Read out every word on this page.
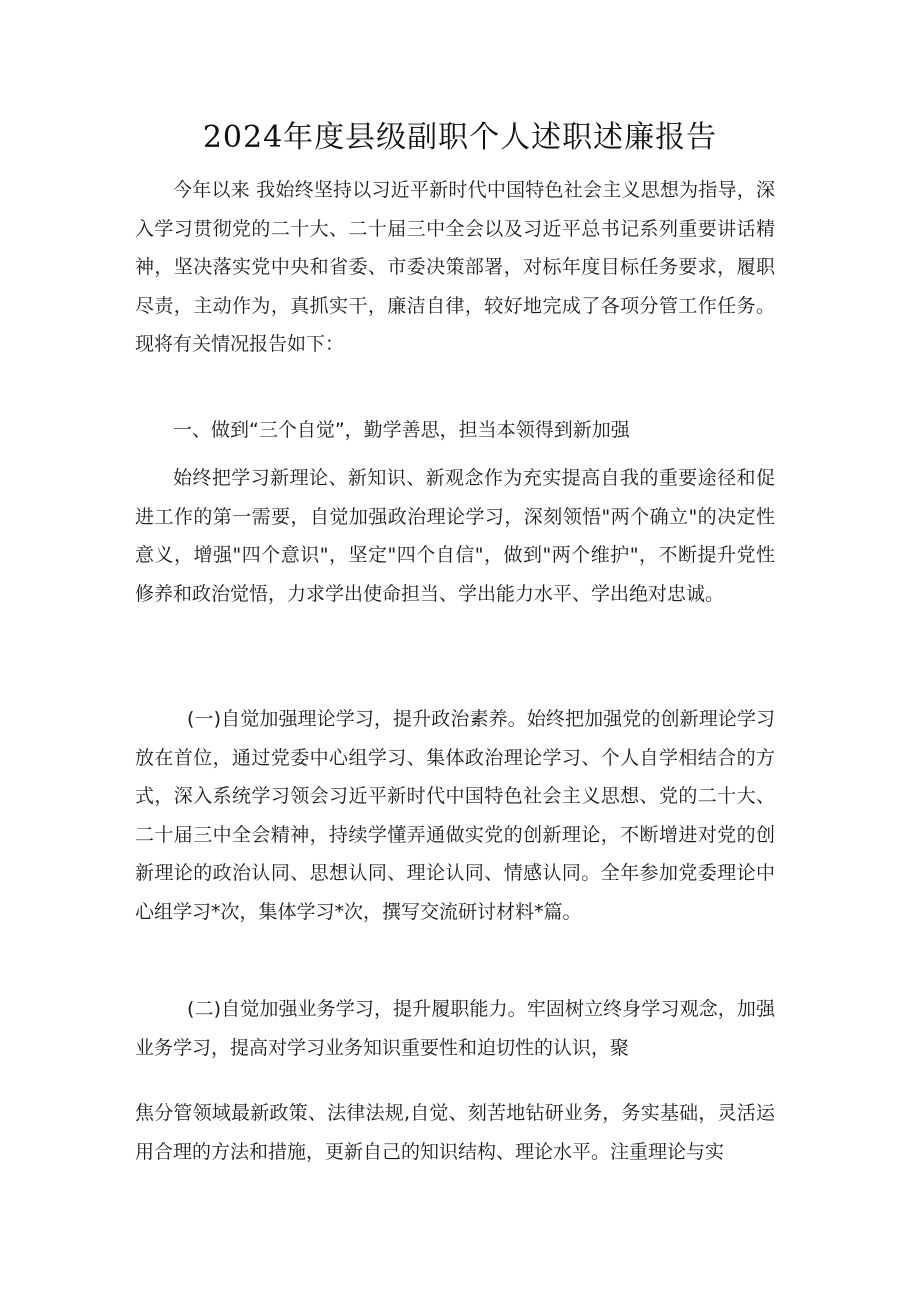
2024年度县级副职个人述职述廉报告

今年以来 我始终坚持以习近平新时代中国特色社会主义思想为指导，深入学习贯彻党的二十大、二十届三中全会以及习近平总书记系列重要讲话精神，坚决落实党中央和省委、市委决策部署，对标年度目标任务要求，履职尽责，主动作为，真抓实干，廉洁自律，较好地完成了各项分管工作任务。现将有关情况报告如下：

一、做到“三个自觉”，勤学善思，担当本领得到新加强

始终把学习新理论、新知识、新观念作为充实提高自我的重要途径和促进工作的第一需要，自觉加强政治理论学习，深刻领悟"两个确立"的决定性意义，增强"四个意识"，坚定"四个自信"，做到"两个维护"，不断提升党性修养和政治觉悟，力求学出使命担当、学出能力水平、学出绝对忠诚。

(一)自觉加强理论学习，提升政治素养。始终把加强党的创新理论学习放在首位，通过党委中心组学习、集体政治理论学习、个人自学相结合的方式，深入系统学习领会习近平新时代中国特色社会主义思想、党的二十大、二十届三中全会精神，持续学懂弄通做实党的创新理论，不断增进对党的创新理论的政治认同、思想认同、理论认同、情感认同。全年参加党委理论中心组学习*次，集体学习*次，撰写交流研讨材料*篇。

(二)自觉加强业务学习，提升履职能力。牢固树立终身学习观念，加强业务学习，提高对学习业务知识重要性和迫切性的认识，聚

焦分管领域最新政策、法律法规,自觉、刻苦地钻研业务，务实基础，灵活运用合理的方法和措施，更新自己的知识结构、理论水平。注重理论与实
